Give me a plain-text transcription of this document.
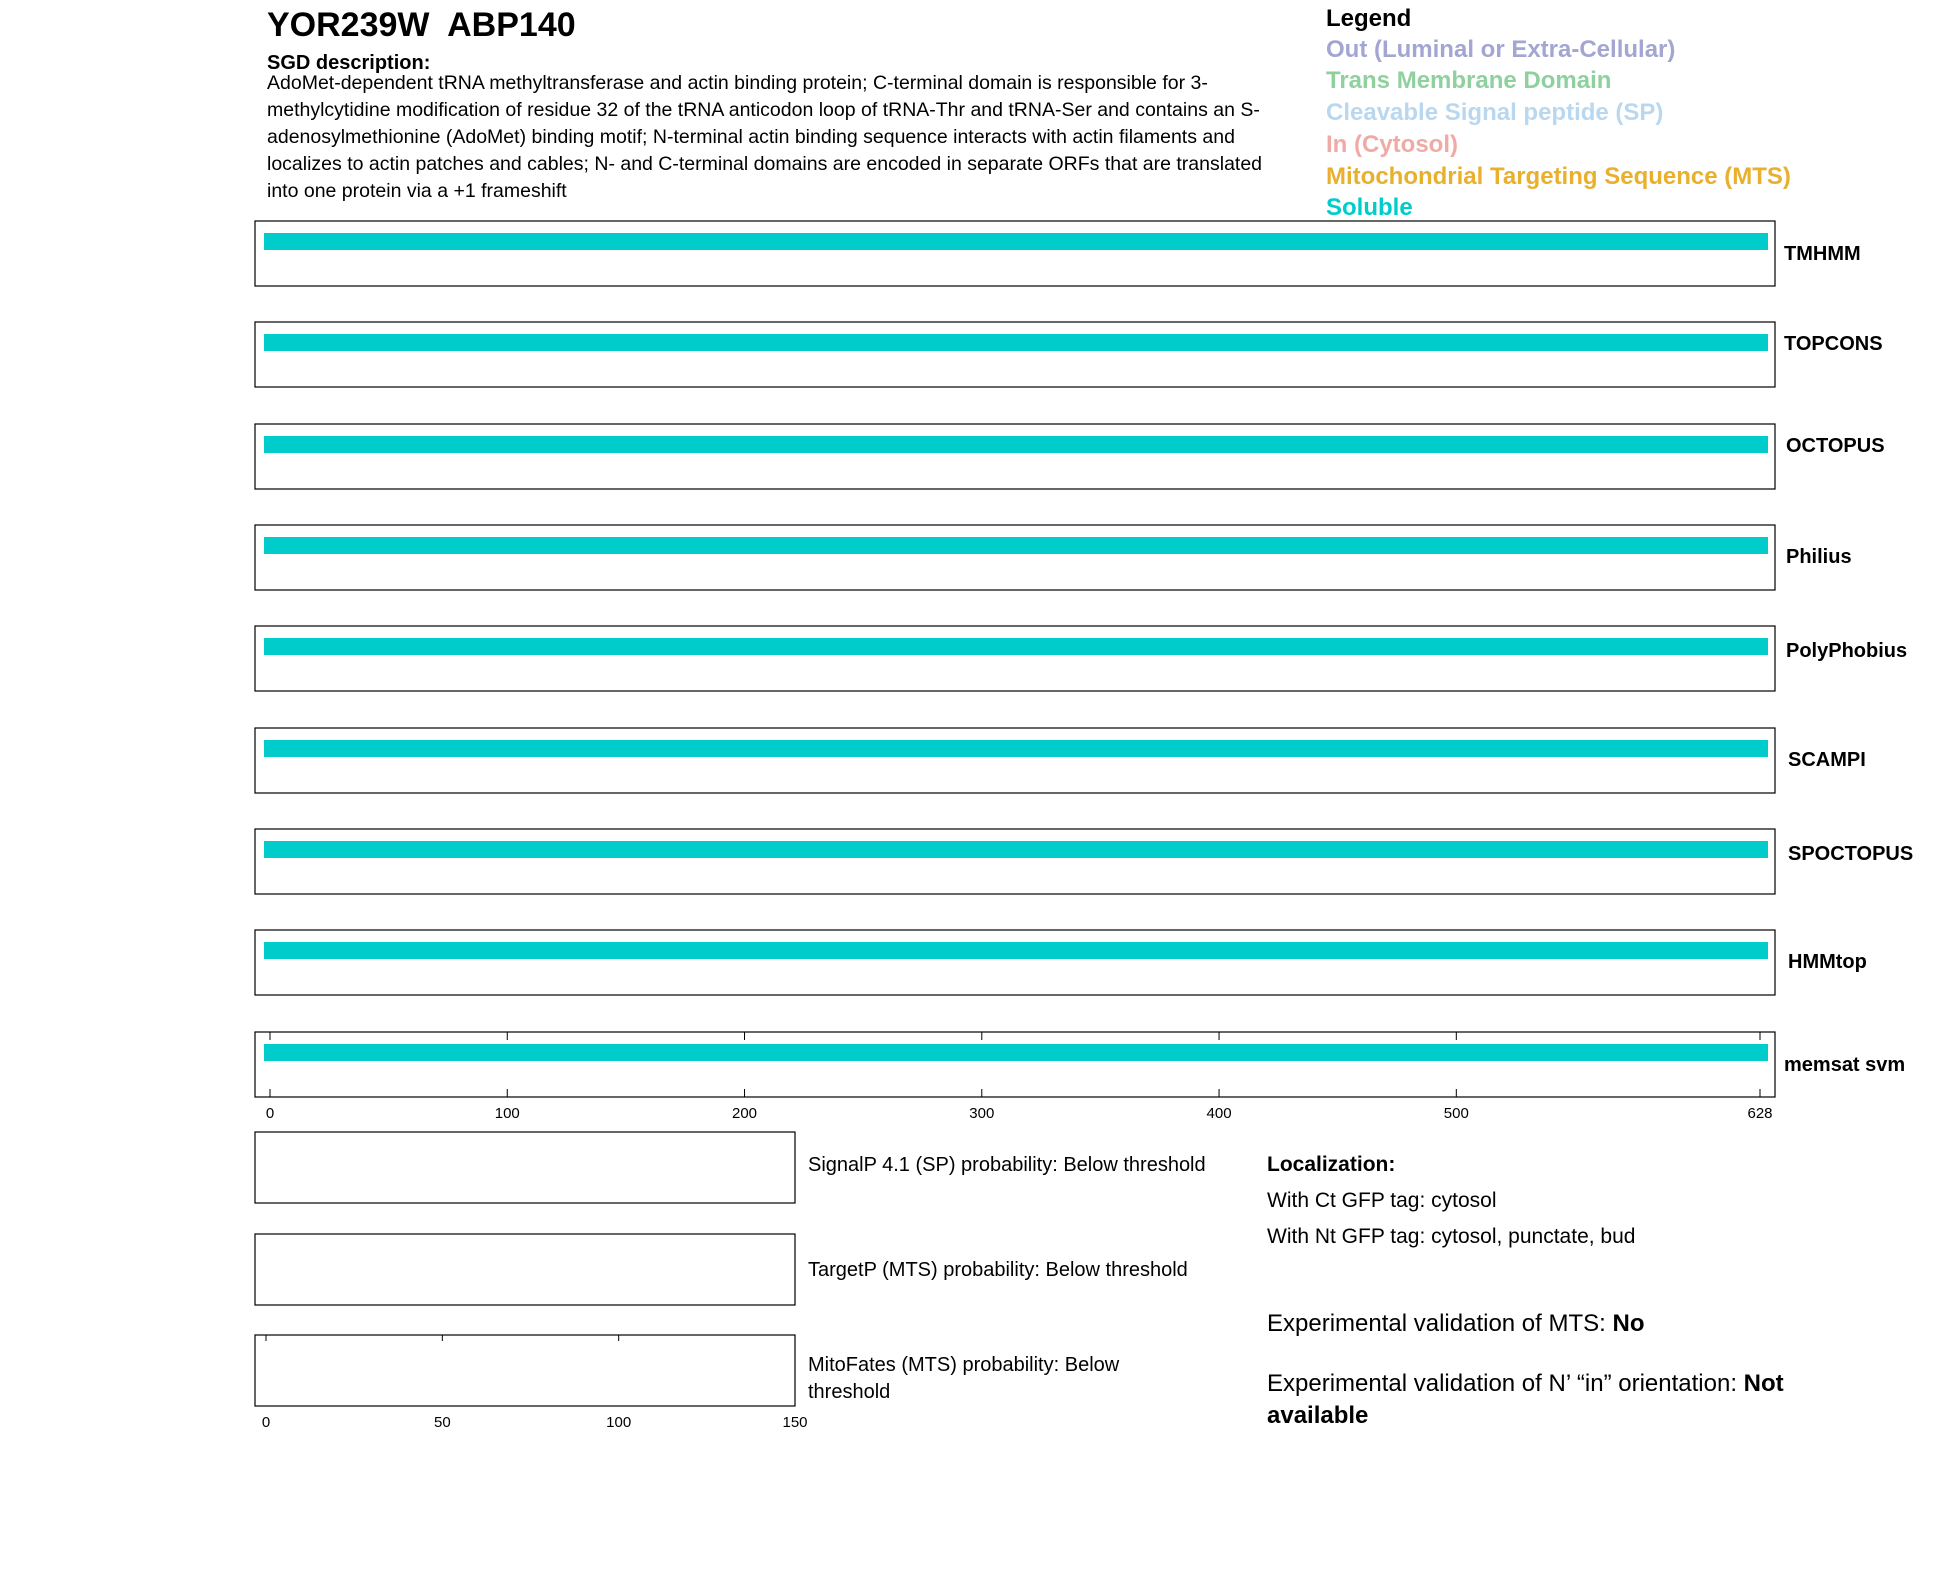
YOR239W  ABP140
SGD description:
AdoMet-dependent tRNA methyltransferase and actin binding protein; C-terminal domain is responsible for 3-methylcytidine modification of residue 32 of the tRNA anticodon loop of tRNA-Thr and tRNA-Ser and contains an S-adenosylmethionine (AdoMet) binding motif; N-terminal actin binding sequence interacts with actin filaments and localizes to actin patches and cables; N- and C-terminal domains are encoded in separate ORFs that are translated into one protein via a +1 frameshift
Legend
Out (Luminal or Extra-Cellular)
Trans Membrane Domain
Cleavable Signal peptide (SP)
In (Cytosol)
Mitochondrial Targeting Sequence (MTS)
Soluble
0	100	200	300	400	500	628
0	50	100	150
TMHMM
TOPCONS
OCTOPUS
Philius
PolyPhobius
SCAMPI
SPOCTOPUS
HMMtop
memsat svm
SignalP 4.1 (SP) probability: Below threshold
TargetP (MTS) probability: Below threshold
MitoFates (MTS) probability: Below
threshold
Localization:
With Ct GFP tag: cytosol
With Nt GFP tag: cytosol, punctate, bud
Experimental validation of MTS: No
Experimental validation of N’ “in” orientation: Not available
